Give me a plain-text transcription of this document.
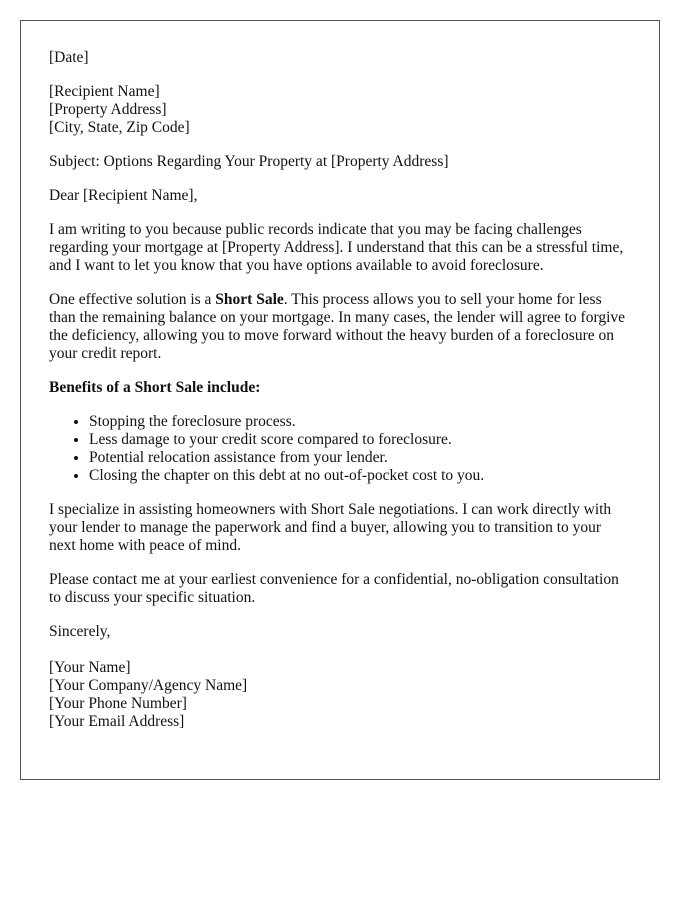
[Date]

[Recipient Name]
[Property Address]
[City, State, Zip Code]

Subject: Options Regarding Your Property at [Property Address]

Dear [Recipient Name],

I am writing to you because public records indicate that you may be facing challenges regarding your mortgage at [Property Address]. I understand that this can be a stressful time, and I want to let you know that you have options available to avoid foreclosure.

One effective solution is a Short Sale. This process allows you to sell your home for less than the remaining balance on your mortgage. In many cases, the lender will agree to forgive the deficiency, allowing you to move forward without the heavy burden of a foreclosure on your credit report.

Benefits of a Short Sale include:

• Stopping the foreclosure process.
• Less damage to your credit score compared to foreclosure.
• Potential relocation assistance from your lender.
• Closing the chapter on this debt at no out-of-pocket cost to you.

I specialize in assisting homeowners with Short Sale negotiations. I can work directly with your lender to manage the paperwork and find a buyer, allowing you to transition to your next home with peace of mind.

Please contact me at your earliest convenience for a confidential, no-obligation consultation to discuss your specific situation.

Sincerely,

[Your Name]
[Your Company/Agency Name]
[Your Phone Number]
[Your Email Address]
